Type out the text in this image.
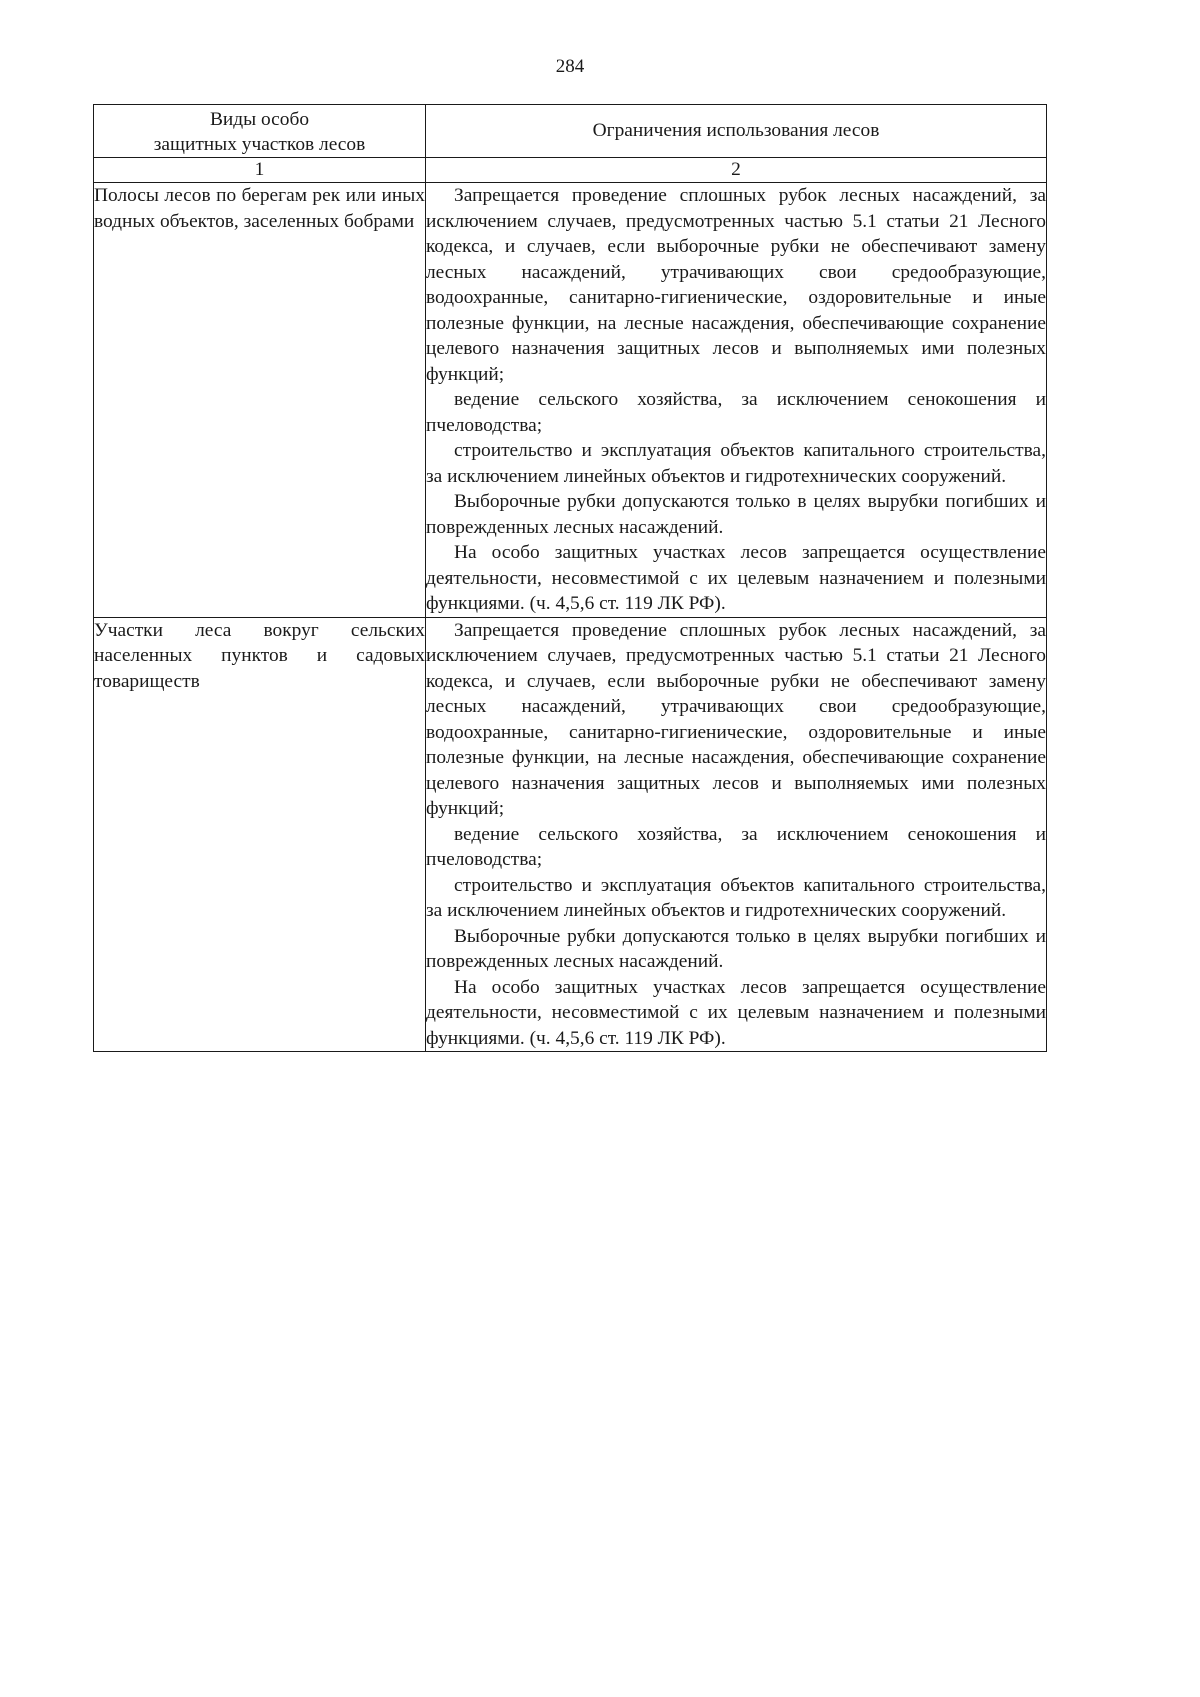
284
Виды особо
защитных участков лесов	Ограничения использования лесов
1	2

Полосы лесов по берегам рек или иных водных объектов, заселенных бобрами	Запрещается проведение сплошных рубок лесных насаждений, за исключением случаев, предусмотренных частью 5.1 статьи 21 Лесного кодекса, и случаев, если выборочные рубки не обеспечивают замену лесных насаждений, утрачивающих свои средообразующие, водоохранные, санитарно-гигиенические, оздоровительные и иные полезные функции, на лесные насаждения, обеспечивающие сохранение целевого назначения защитных лесов и выполняемых ими полезных функций;

ведение сельского хозяйства, за исключением сенокошения и пчеловодства;

строительство и эксплуатация объектов капитального строительства, за исключением линейных объектов и гидротехнических сооружений.

Выборочные рубки допускаются только в целях вырубки погибших и поврежденных лесных насаждений.

На особо защитных участках лесов запрещается осуществление деятельности, несовместимой с их целевым назначением и полезными функциями. (ч. 4,5,6 ст. 119 ЛК РФ).

Участки леса вокруг сельских населенных пунктов и садовых товариществ	Запрещается проведение сплошных рубок лесных насаждений, за исключением случаев, предусмотренных частью 5.1 статьи 21 Лесного кодекса, и случаев, если выборочные рубки не обеспечивают замену лесных насаждений, утрачивающих свои средообразующие, водоохранные, санитарно-гигиенические, оздоровительные и иные полезные функции, на лесные насаждения, обеспечивающие сохранение целевого назначения защитных лесов и выполняемых ими полезных функций;

ведение сельского хозяйства, за исключением сенокошения и пчеловодства;

строительство и эксплуатация объектов капитального строительства, за исключением линейных объектов и гидротехнических сооружений.

Выборочные рубки допускаются только в целях вырубки погибших и поврежденных лесных насаждений.

На особо защитных участках лесов запрещается осуществление деятельности, несовместимой с их целевым назначением и полезными функциями. (ч. 4,5,6 ст. 119 ЛК РФ).
